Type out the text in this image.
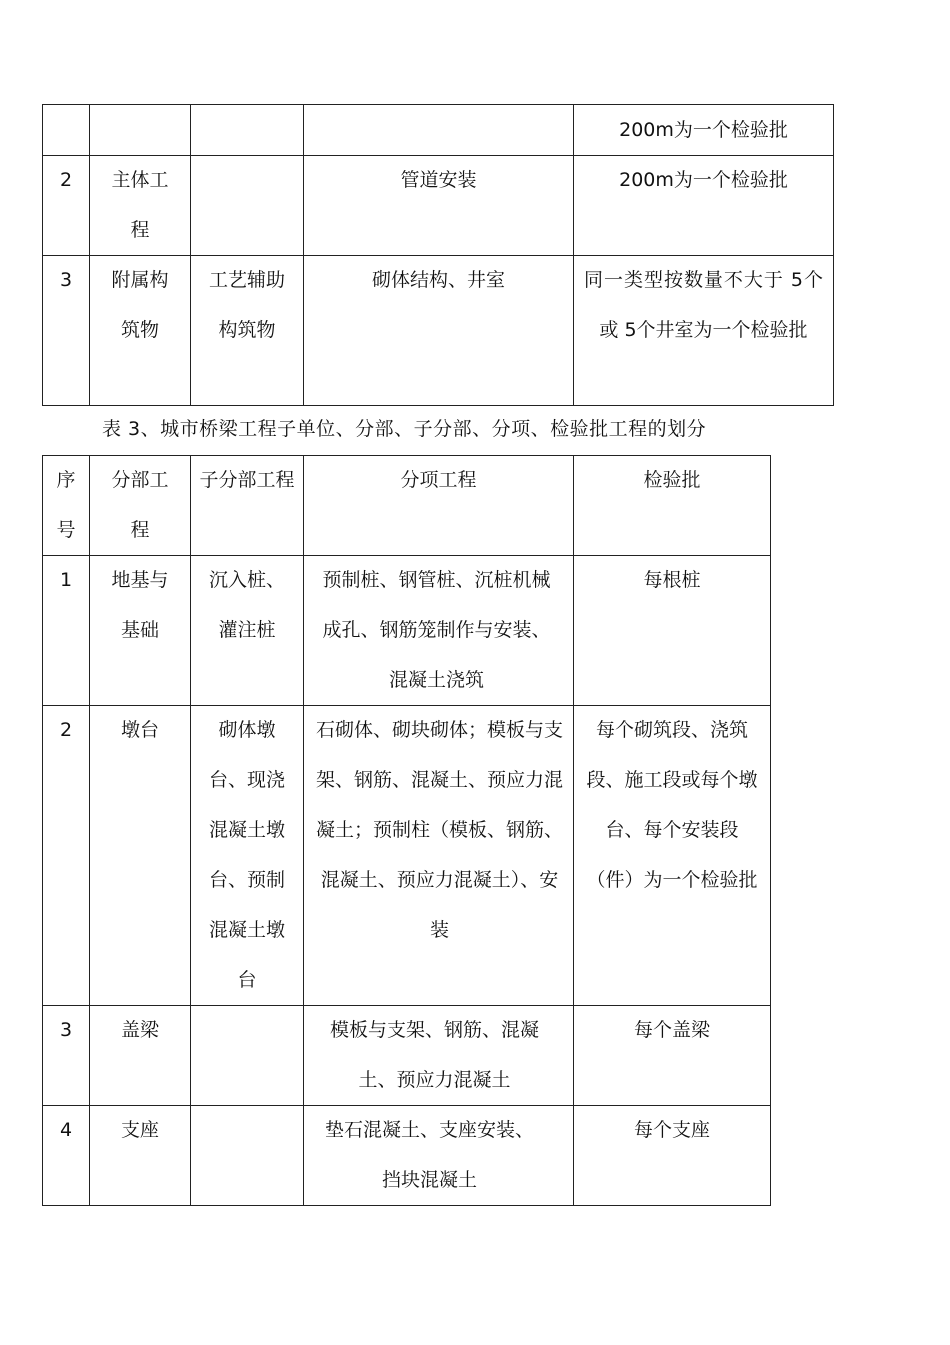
				200m为一个检验批

2	主体工程		管道安装	200m为一个检验批

3	附属构筑物	工艺辅助构筑物	砌体结构、井室	同一类型按数量不大于 5个或 5个井室为一个检验批
表 3、城市桥梁工程子单位、分部、子分部、分项、检验批工程的划分
序号	分部工程	子分部工程	分项工程	检验批

1	地基与基础	沉入桩、灌注桩	预制桩、钢管桩、沉桩机械成孔、钢筋笼制作与安装、混凝土浇筑	每根桩

2	墩台	砌体墩台、现浇混凝土墩台、预制混凝土墩台	石砌体、砌块砌体；模板与支架、钢筋、混凝土、预应力混凝土；预制柱（模板、钢筋、混凝土、预应力混凝土）、安装	每个砌筑段、浇筑段、施工段或每个墩台、每个安装段（件）为一个检验批

3	盖梁		模板与支架、钢筋、混凝土、预应力混凝土	每个盖梁

4	支座		垫石混凝土、支座安装、挡块混凝土	每个支座
